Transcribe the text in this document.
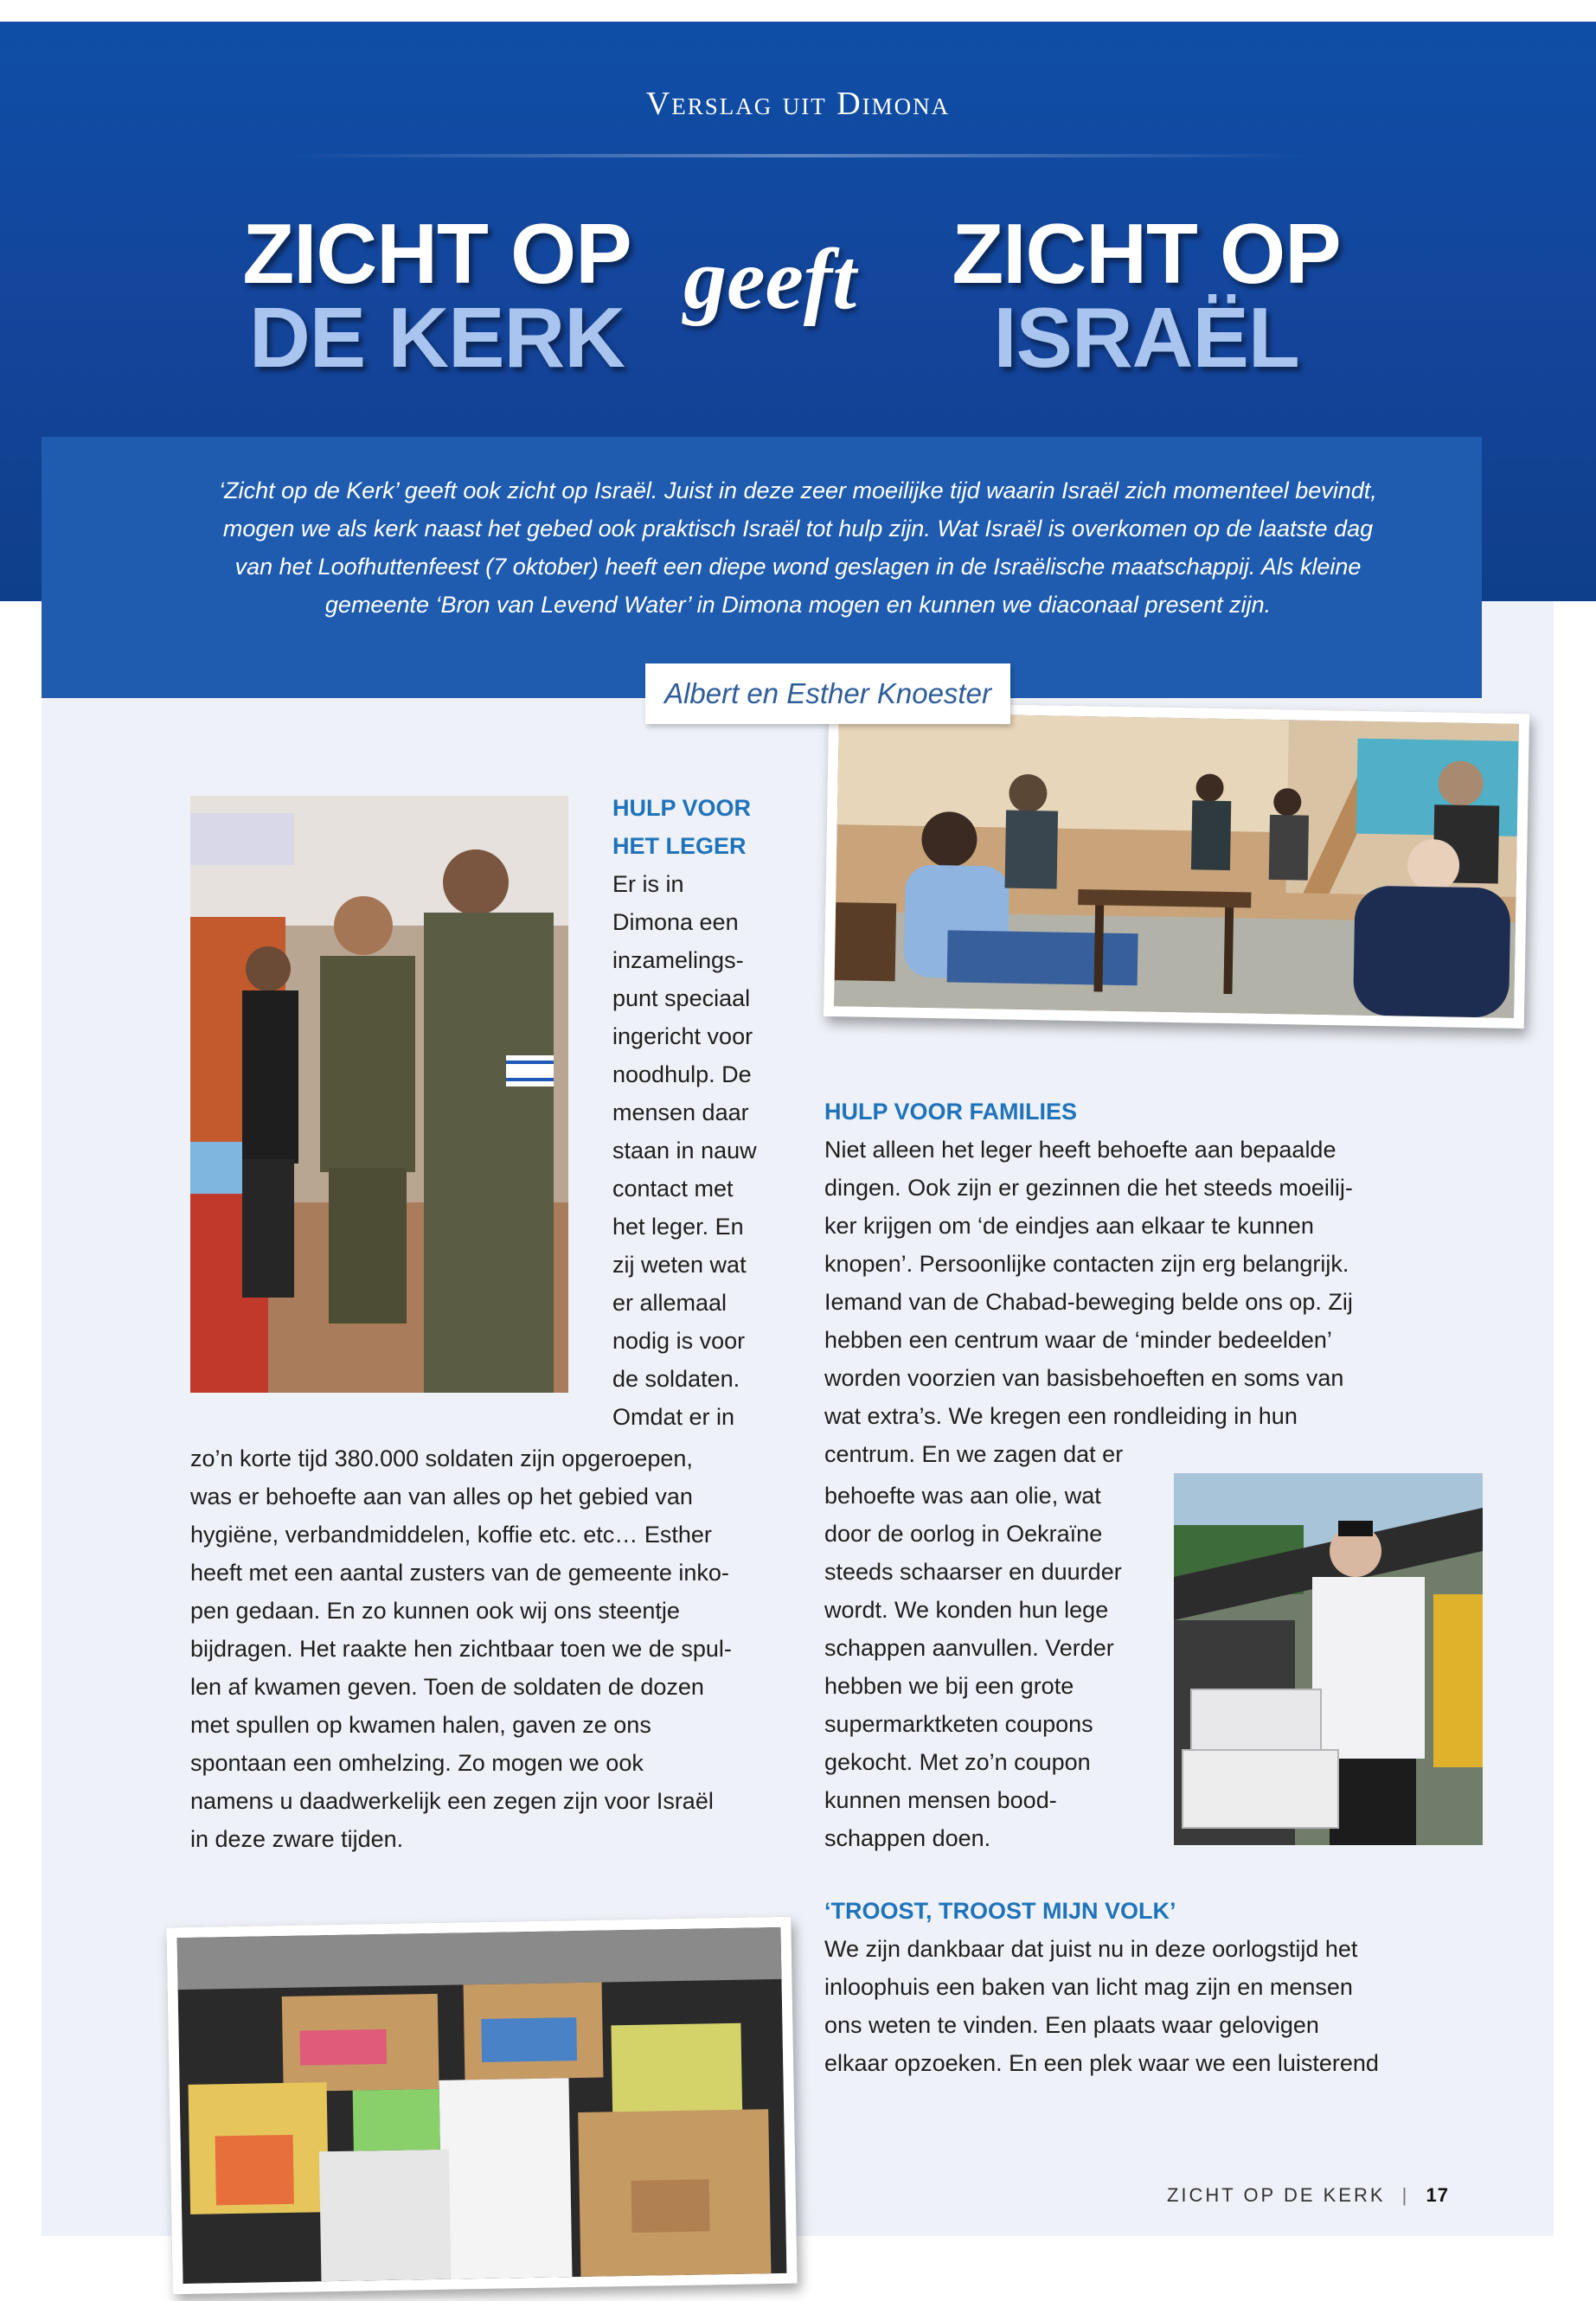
Verslag uit Dimona
ZICHT OP
DE KERK
geeft	ZICHT OP
ISRAËL
‘Zicht op de Kerk’ geeft ook zicht op Israël. Juist in deze zeer moeilijke tijd waarin Israël zich momenteel bevindt,
mogen we als kerk naast het gebed ook praktisch Israël tot hulp zijn. Wat Israël is overkomen op de laatste dag
van het Loofhuttenfeest (7 oktober) heeft een diepe wond geslagen in de Israëlische maatschappij. Als kleine
gemeente ‘Bron van Levend Water’ in Dimona mogen en kunnen we diaconaal present zijn.
Albert en Esther Knoester
HULP VOOR
HET LEGER
Er is in
Dimona een
inzamelings-
punt speciaal
ingericht voor
noodhulp. De
mensen daar
staan in nauw
contact met
het leger. En
zij weten wat
er allemaal
nodig is voor
de soldaten.
Omdat er in
zo’n korte tijd 380.000 soldaten zijn opgeroepen,
was er behoefte aan van alles op het gebied van
hygiëne, verbandmiddelen, koffie etc. etc… Esther
heeft met een aantal zusters van de gemeente inko-
pen gedaan. En zo kunnen ook wij ons steentje
bijdragen. Het raakte hen zichtbaar toen we de spul-
len af kwamen geven. Toen de soldaten de dozen
met spullen op kwamen halen, gaven ze ons
spontaan een omhelzing. Zo mogen we ook
namens u daadwerkelijk een zegen zijn voor Israël
in deze zware tijden.
HULP VOOR FAMILIES
Niet alleen het leger heeft behoefte aan bepaalde
dingen. Ook zijn er gezinnen die het steeds moeilij-
ker krijgen om ‘de eindjes aan elkaar te kunnen
knopen’. Persoonlijke contacten zijn erg belangrijk.
Iemand van de Chabad-beweging belde ons op. Zij
hebben een centrum waar de ‘minder bedeelden’
worden voorzien van basisbehoeften en soms van
wat extra’s. We kregen een rondleiding in hun
centrum. En we zagen dat er
behoefte was aan olie, wat
door de oorlog in Oekraïne
steeds schaarser en duurder
wordt. We konden hun lege
schappen aanvullen. Verder
hebben we bij een grote
supermarktketen coupons
gekocht. Met zo’n coupon
kunnen mensen bood-
schappen doen.
‘TROOST, TROOST MIJN VOLK’
We zijn dankbaar dat juist nu in deze oorlogstijd het
inloophuis een baken van licht mag zijn en mensen
ons weten te vinden. Een plaats waar gelovigen
elkaar opzoeken. En een plek waar we een luisterend
ZICHT OP DE KERK | 17
